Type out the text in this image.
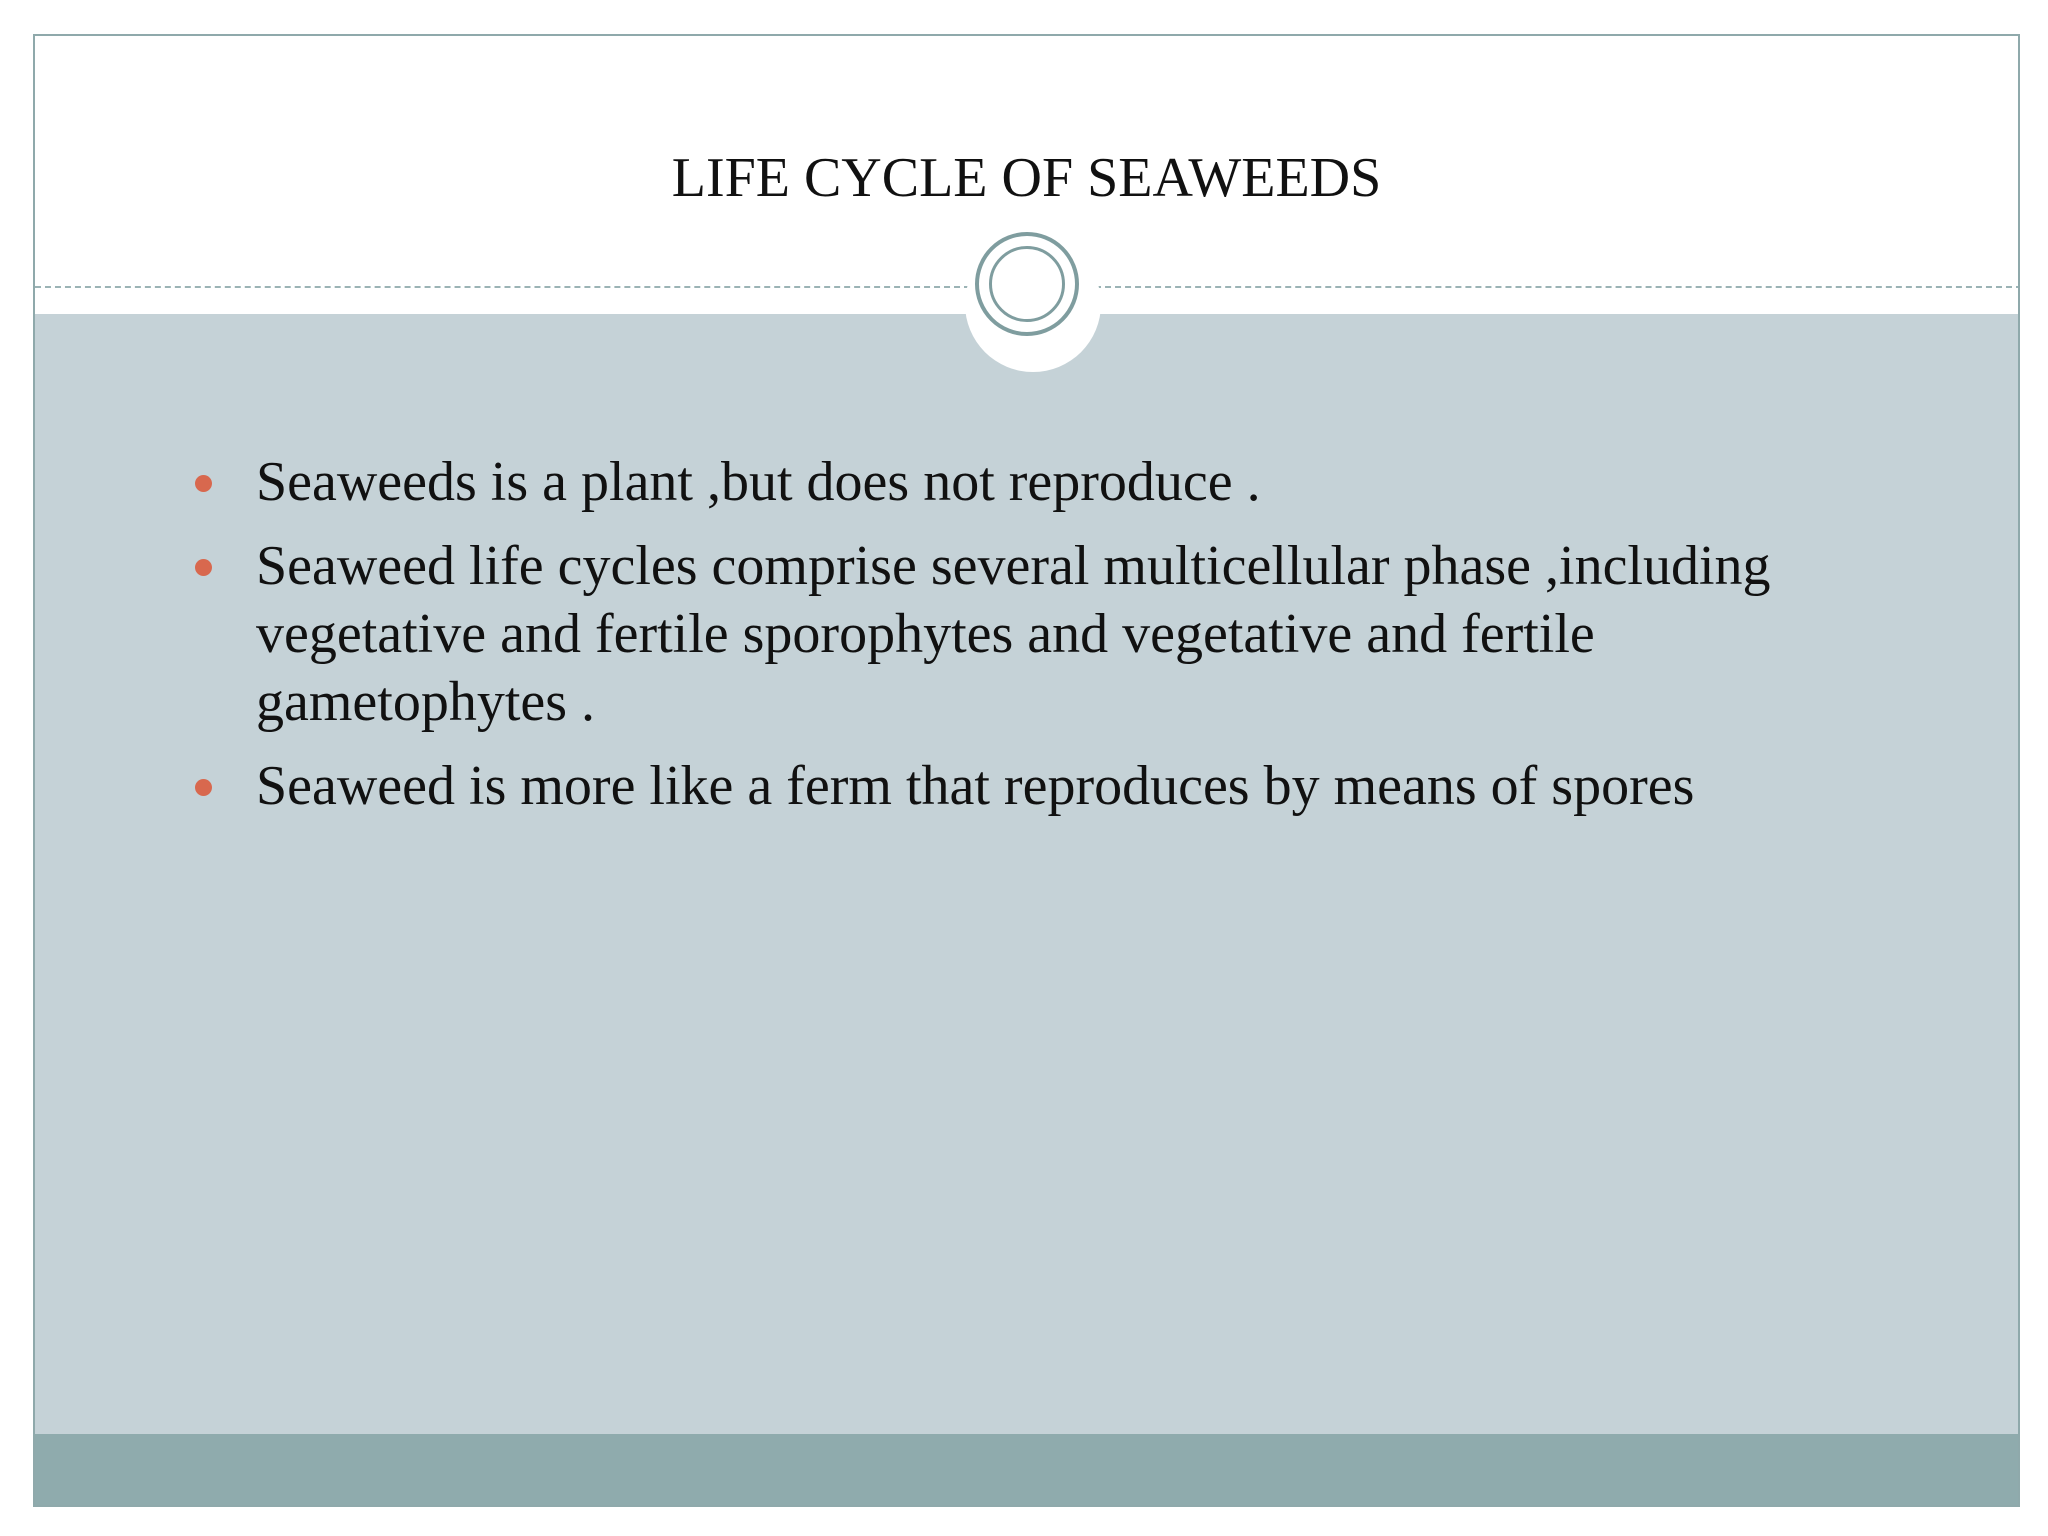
LIFE CYCLE OF SEAWEEDS
Seaweeds is a plant ,but does not reproduce .
Seaweed life cycles comprise several multicellular phase ,including vegetative and fertile sporophytes and vegetative and fertile gametophytes .
Seaweed is more like a ferm that reproduces by means of spores
